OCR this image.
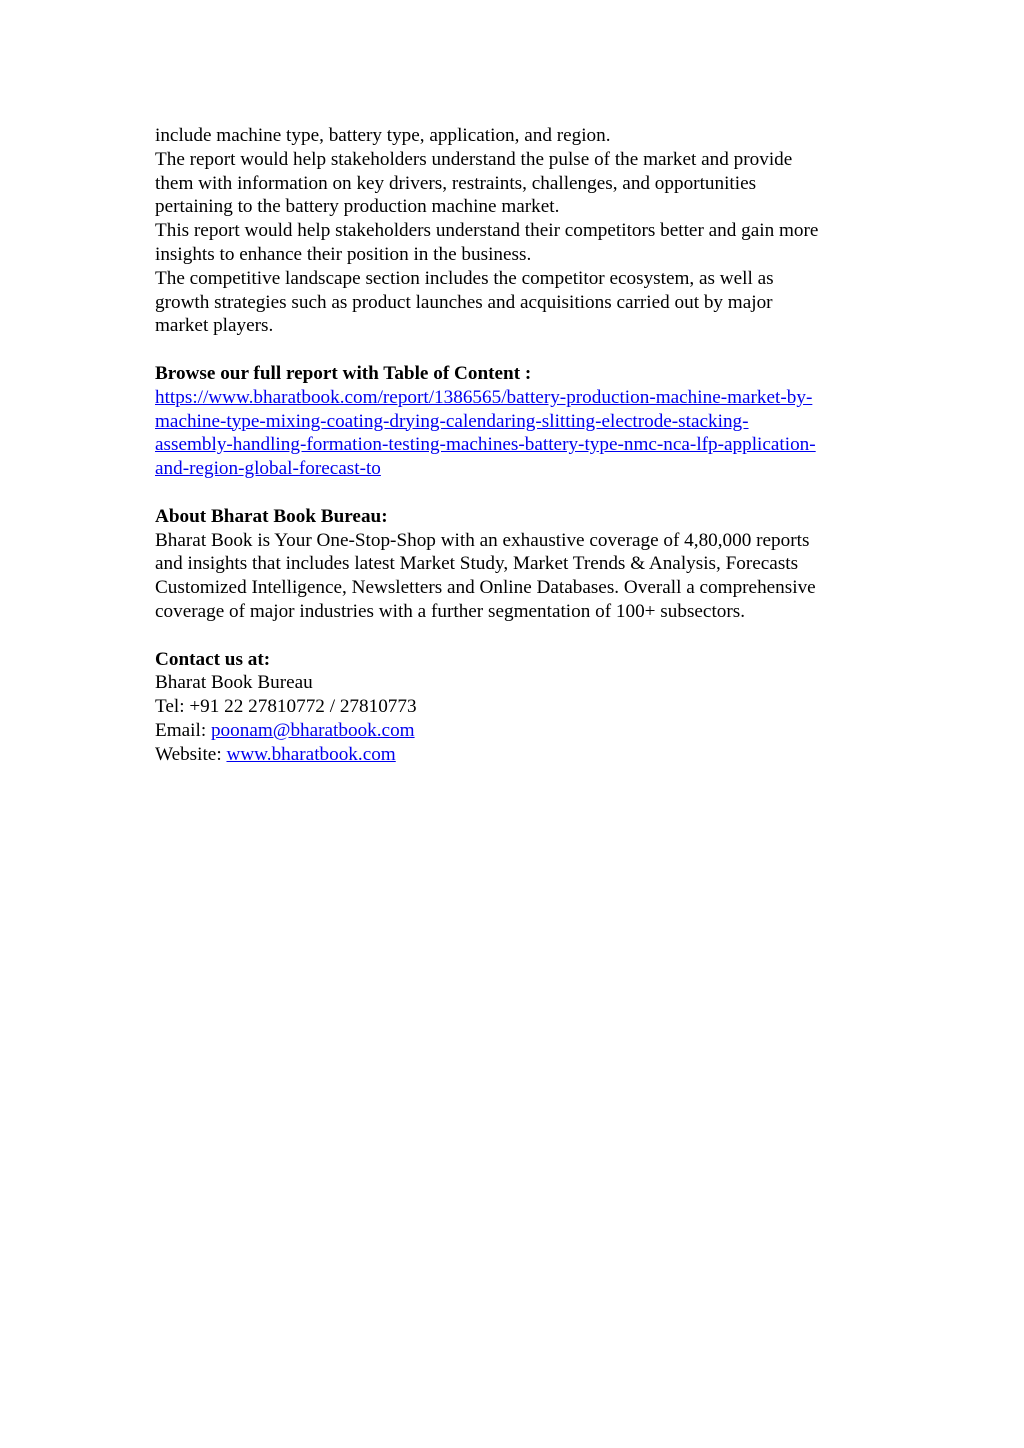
include machine type, battery type, application, and region.
The report would help stakeholders understand the pulse of the market and provide
them with information on key drivers, restraints, challenges, and opportunities
pertaining to the battery production machine market.
This report would help stakeholders understand their competitors better and gain more
insights to enhance their position in the business.
The competitive landscape section includes the competitor ecosystem, as well as
growth strategies such as product launches and acquisitions carried out by major
market players.
Browse our full report with Table of Content :
https://www.bharatbook.com/report/1386565/battery-production-machine-market-by-
machine-type-mixing-coating-drying-calendaring-slitting-electrode-stacking-
assembly-handling-formation-testing-machines-battery-type-nmc-nca-lfp-application-
and-region-global-forecast-to
About Bharat Book Bureau:
Bharat Book is Your One-Stop-Shop with an exhaustive coverage of 4,80,000 reports
and insights that includes latest Market Study, Market Trends & Analysis, Forecasts
Customized Intelligence, Newsletters and Online Databases. Overall a comprehensive
coverage of major industries with a further segmentation of 100+ subsectors.
Contact us at:
Bharat Book Bureau
Tel: +91 22 27810772 / 27810773
Email: poonam@bharatbook.com
Website: www.bharatbook.com
